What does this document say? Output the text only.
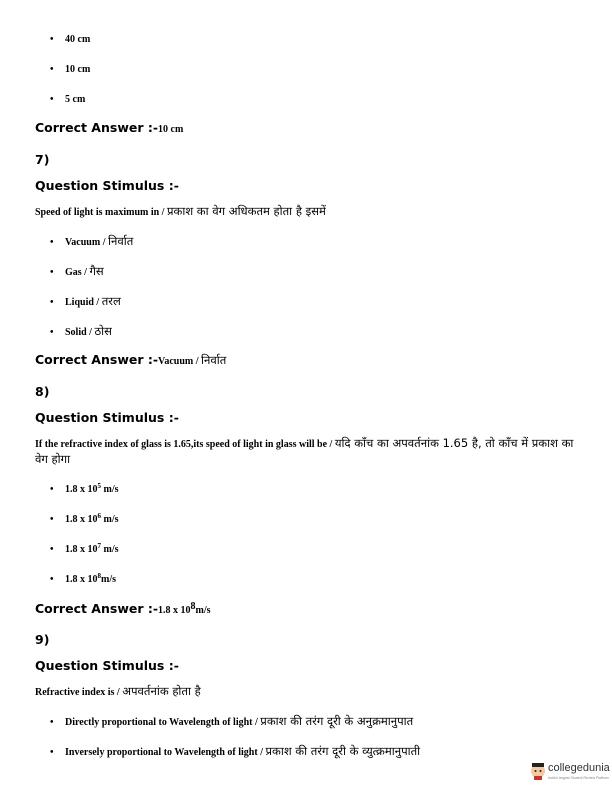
• 40 cm
• 10 cm
• 5 cm
Correct Answer :-10 cm
7)
Question Stimulus :-
Speed of light is maximum in / प्रकाश का वेग अधिकतम होता है इसमें
• Vacuum / निर्वात
• Gas / गैस
• Liquid / तरल
• Solid / ठोस
Correct Answer :-Vacuum / निर्वात
8)
Question Stimulus :-
If the refractive index of glass is 1.65,its speed of light in glass will be / यदि काँच का अपवर्तनांक 1.65 है, तो काँच में प्रकाश का वेग होगा
• 1.8 x $10^5$ m/s
• 1.8 x $10^6$ m/s
• 1.8 x $10^7$ m/s
• 1.8 x $10^8m/s$
Correct Answer :-1.8 x $10^8m/s$
9)
Question Stimulus :-
Refractive index is / अपवर्तनांक होता है
• Directly proportional to Wavelength of light / प्रकाश की तरंग दूरी के अनुक्रमानुपात
• Inversely proportional to Wavelength of light / प्रकाश की तरंग दूरी के व्युत्क्रमानुपाती
collegedunia
India's largest Student Review Platform
